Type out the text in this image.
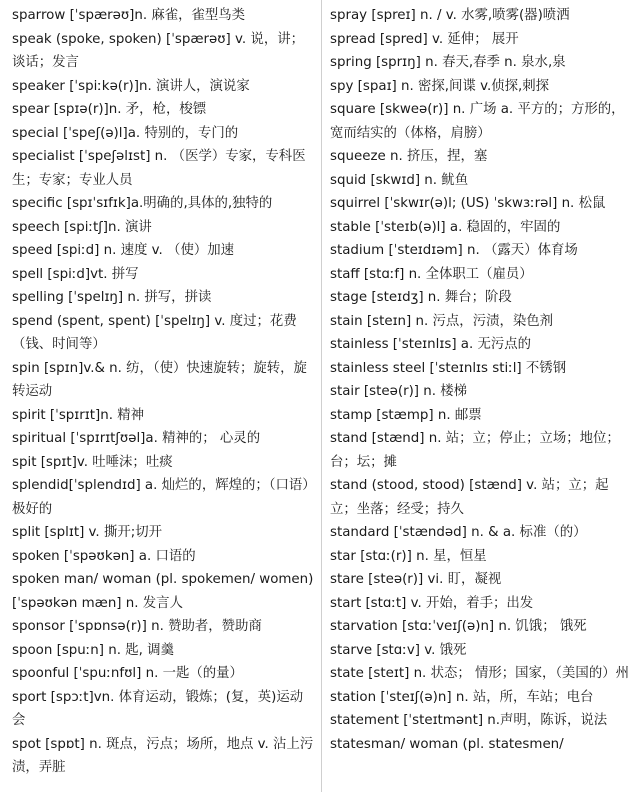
sparrow [ˈspærəʊ]n. 麻雀，雀型鸟类
speak (spoke, spoken) [ˈspærəʊ] v. 说，讲；谈话；发言
speaker [ˈspiːkə(r)]n. 演讲人，演说家
spear [spɪə(r)]n. 矛，枪，梭镖
special [ˈspeʃ(ə)l]a. 特别的，专门的
specialist [ˈspeʃəlɪst] n. （医学）专家，专科医生；专家；专业人员
specific [spɪˈsɪfɪk]a.明确的,具体的,独特的
speech [spiːtʃ]n. 演讲
speed [spiːd] n. 速度 v. （使）加速
spell [spiːd]vt. 拼写
spelling [ˈspelɪŋ] n. 拼写，拼读
spend (spent, spent) [ˈspelɪŋ] v. 度过；花费（钱、时间等）
spin [spɪn]v.& n. 纺，（使）快速旋转；旋转，旋转运动
spirit [ˈspɪrɪt]n. 精神
spiritual [ˈspɪrɪtʃʊəl]a. 精神的； 心灵的
spit [spɪt]v. 吐唾沫；吐痰
splendid[ˈsplendɪd] a. 灿烂的，辉煌的；（口语）极好的
split [splɪt] v. 撕开;切开
spoken [ˈspəʊkən] a. 口语的
spoken man/ woman (pl. spokemen/ women) [ˈspəʊkən mæn] n. 发言人
sponsor [ˈspɒnsə(r)] n. 赞助者，赞助商
spoon [spuːn] n. 匙, 调羹
spoonful [ˈspuːnfʊl] n. 一匙（的量）
sport [spɔːt]vn. 体育运动，锻炼；(复，英)运动会
spot [spɒt] n. 斑点，污点；场所，地点 v. 沾上污渍，弄脏
spray [spreɪ] n. / v. 水雾,喷雾(器)喷洒
spread [spred] v. 延伸； 展开
spring [sprɪŋ] n. 春天,春季 n. 泉水,泉
spy [spaɪ] n. 密探,间谍 v.侦探,刺探
square [skweə(r)] n. 广场 a. 平方的；方形的，宽而结实的（体格，肩膀）
squeeze n. 挤压，捏，塞
squid [skwɪd] n. 鱿鱼
squirrel [ˈskwɪr(ə)l; (US) ˈskwɜːrəl] n. 松鼠
stable [ˈsteɪb(ə)l] a. 稳固的，牢固的
stadium [ˈsteɪdɪəm] n. （露天）体育场
staff [stɑːf] n. 全体职工（雇员）
stage [steɪdʒ] n. 舞台；阶段
stain [steɪn] n. 污点，污渍，染色剂
stainless [ˈsteɪnlɪs] a. 无污点的
stainless steel [ˈsteɪnlɪs stiːl] 不锈钢
stair [steə(r)] n. 楼梯
stamp [stæmp] n. 邮票
stand [stænd] n. 站；立；停止；立场；地位；台；坛；摊
stand (stood, stood) [stænd] v. 站；立；起立；坐落；经受；持久
standard [ˈstændəd] n. & a. 标准（的）
star [stɑː(r)] n. 星，恒星
stare [steə(r)] vi. 盯，凝视
start [stɑːt] v. 开始，着手；出发
starvation [stɑːˈveɪʃ(ə)n] n. 饥饿； 饿死
starve [stɑːv] v. 饿死
state [steɪt] n. 状态； 情形；国家，（美国的）州
station [ˈsteɪʃ(ə)n] n. 站，所，车站；电台
statement [ˈsteɪtmənt] n.声明，陈诉，说法
statesman/ woman (pl. statesmen/
